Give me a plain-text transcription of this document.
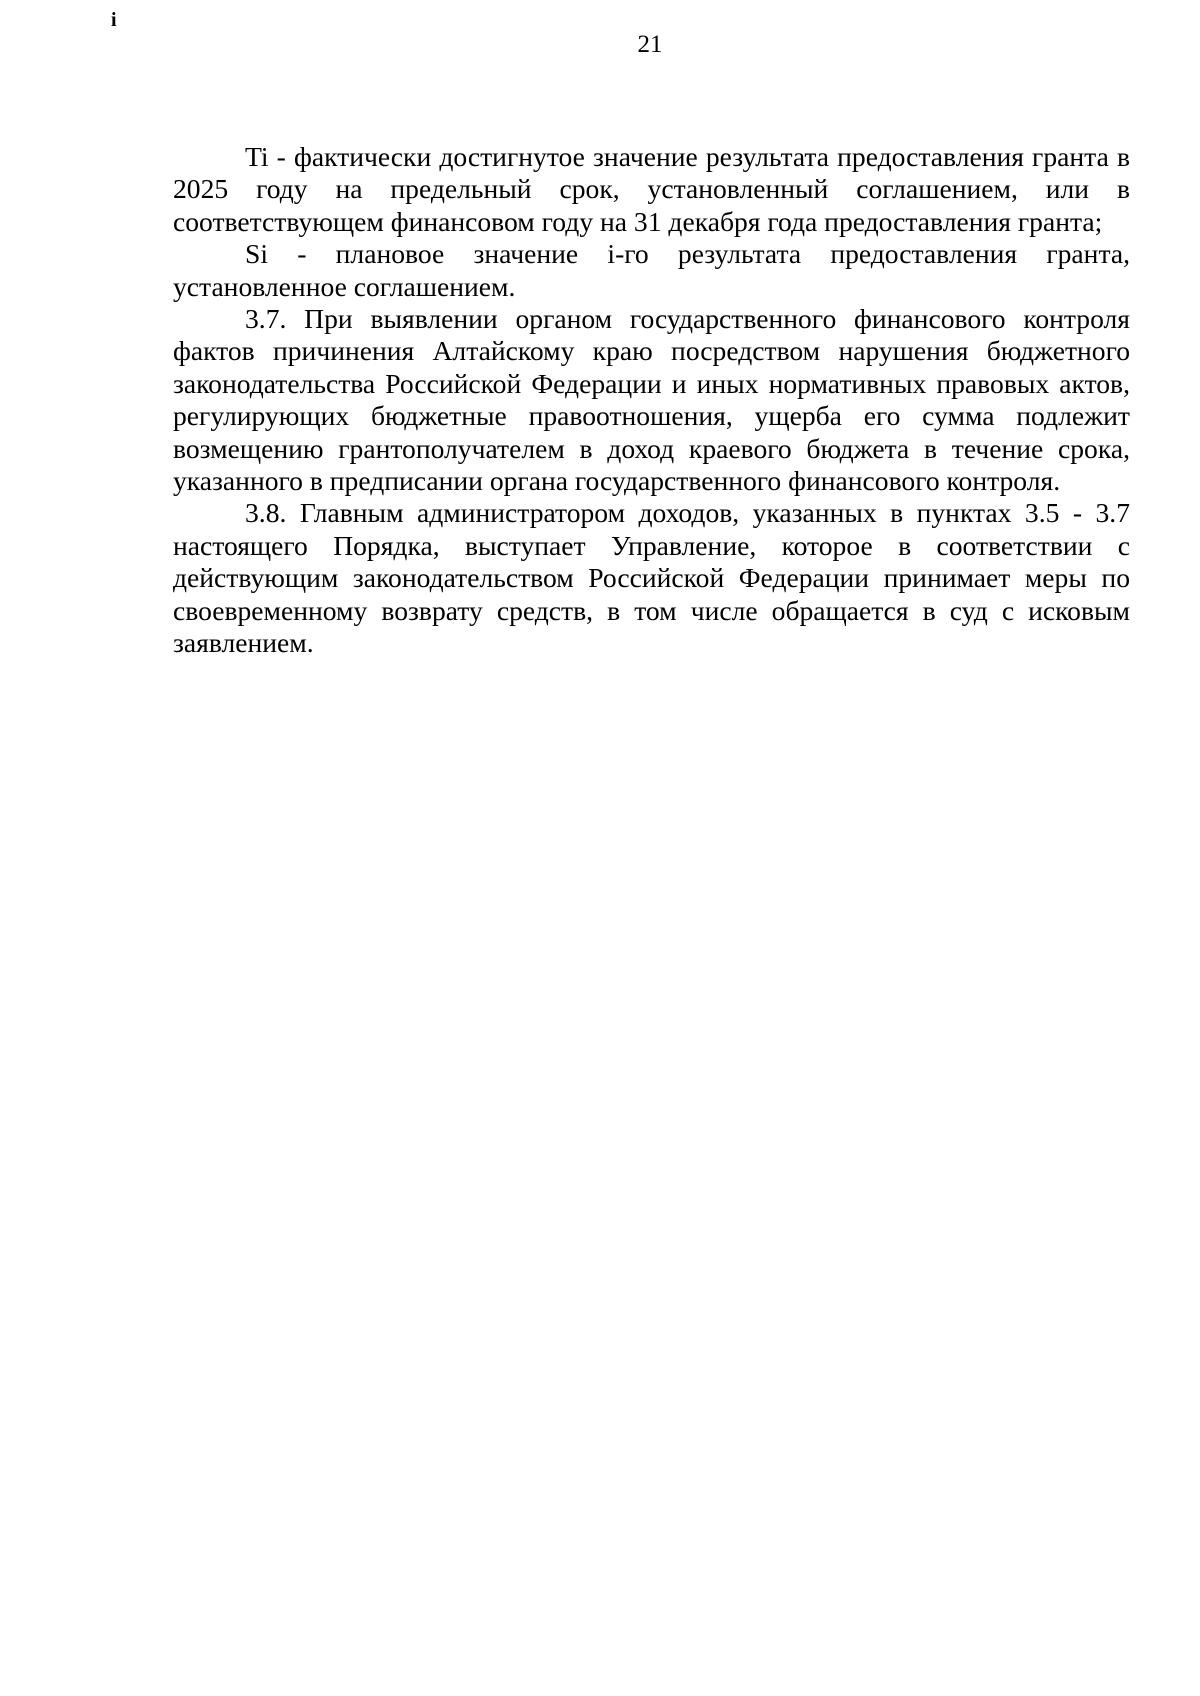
i
21

Ti - фактически достигнутое значение результата предоставления гранта в 2025 году на предельный срок, установленный соглашением, или в соответствующем финансовом году на 31 декабря года предоставления гранта;

Si - плановое значение i-го результата предоставления гранта, установленное соглашением.

3.7. При выявлении органом государственного финансового контроля фактов причинения Алтайскому краю посредством нарушения бюджетного законодательства Российской Федерации и иных нормативных правовых актов, регулирующих бюджетные правоотношения, ущерба его сумма подлежит возмещению грантополучателем в доход краевого бюджета в течение срока, указанного в предписании органа государственного финансового контроля.

3.8. Главным администратором доходов, указанных в пунктах 3.5 - 3.7 настоящего Порядка, выступает Управление, которое в соответствии с действующим законодательством Российской Федерации принимает меры по своевременному возврату средств, в том числе обращается в суд с исковым заявлением.
